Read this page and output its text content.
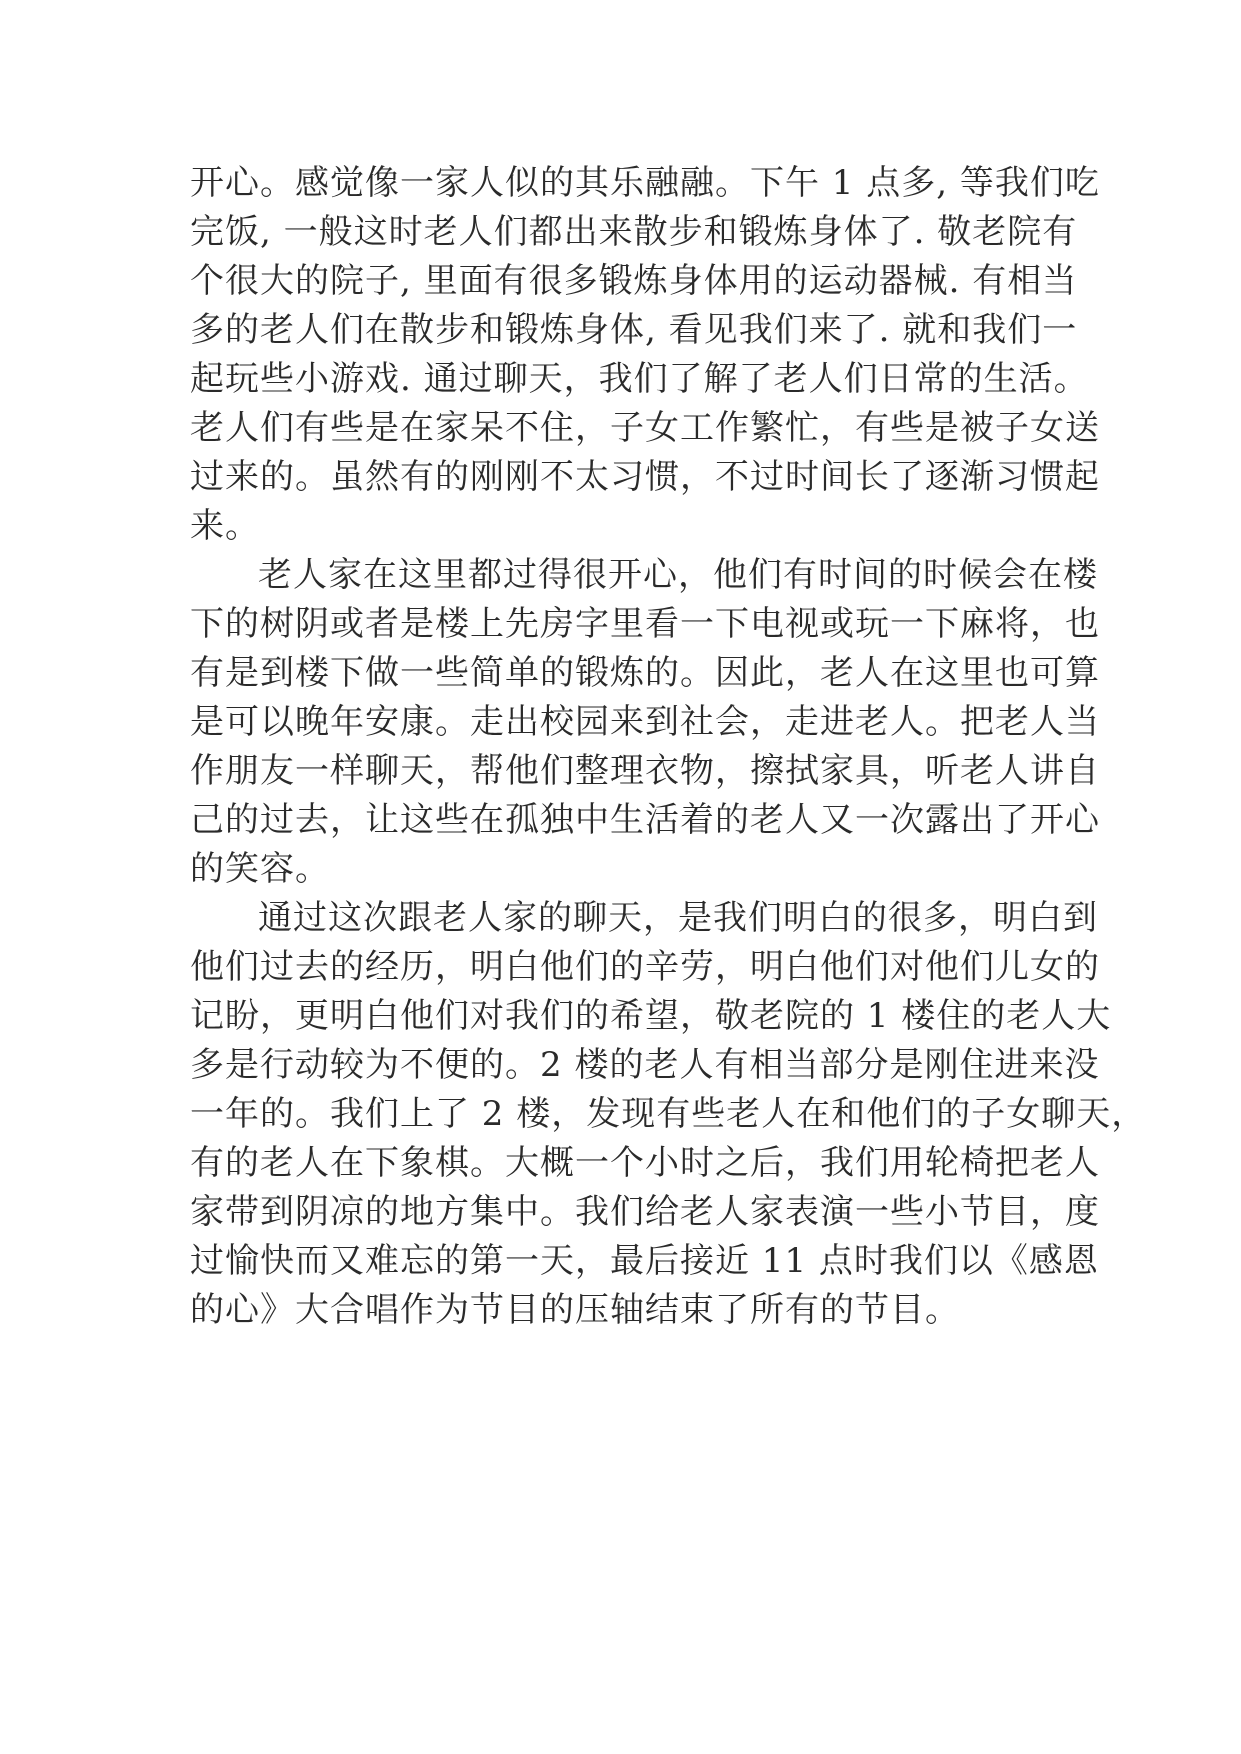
开心。感觉像一家人似的其乐融融。下午 1 点多, 等我们吃
完饭, 一般这时老人们都出来散步和锻炼身体了. 敬老院有
个很大的院子, 里面有很多锻炼身体用的运动器械. 有相当
多的老人们在散步和锻炼身体, 看见我们来了. 就和我们一
起玩些小游戏. 通过聊天，我们了解了老人们日常的生活。
老人们有些是在家呆不住，子女工作繁忙，有些是被子女送
过来的。虽然有的刚刚不太习惯，不过时间长了逐渐习惯起
来。
老人家在这里都过得很开心，他们有时间的时候会在楼
下的树阴或者是楼上先房字里看一下电视或玩一下麻将，也
有是到楼下做一些简单的锻炼的。因此，老人在这里也可算
是可以晚年安康。走出校园来到社会，走进老人。把老人当
作朋友一样聊天，帮他们整理衣物，擦拭家具，听老人讲自
己的过去，让这些在孤独中生活着的老人又一次露出了开心
的笑容。
通过这次跟老人家的聊天，是我们明白的很多，明白到
他们过去的经历，明白他们的辛劳，明白他们对他们儿女的
记盼，更明白他们对我们的希望，敬老院的 1 楼住的老人大
多是行动较为不便的。2 楼的老人有相当部分是刚住进来没
一年的。我们上了 2 楼，发现有些老人在和他们的子女聊天，
有的老人在下象棋。大概一个小时之后，我们用轮椅把老人
家带到阴凉的地方集中。我们给老人家表演一些小节目，度
过愉快而又难忘的第一天，最后接近 11 点时我们以《感恩
的心》大合唱作为节目的压轴结束了所有的节目。
